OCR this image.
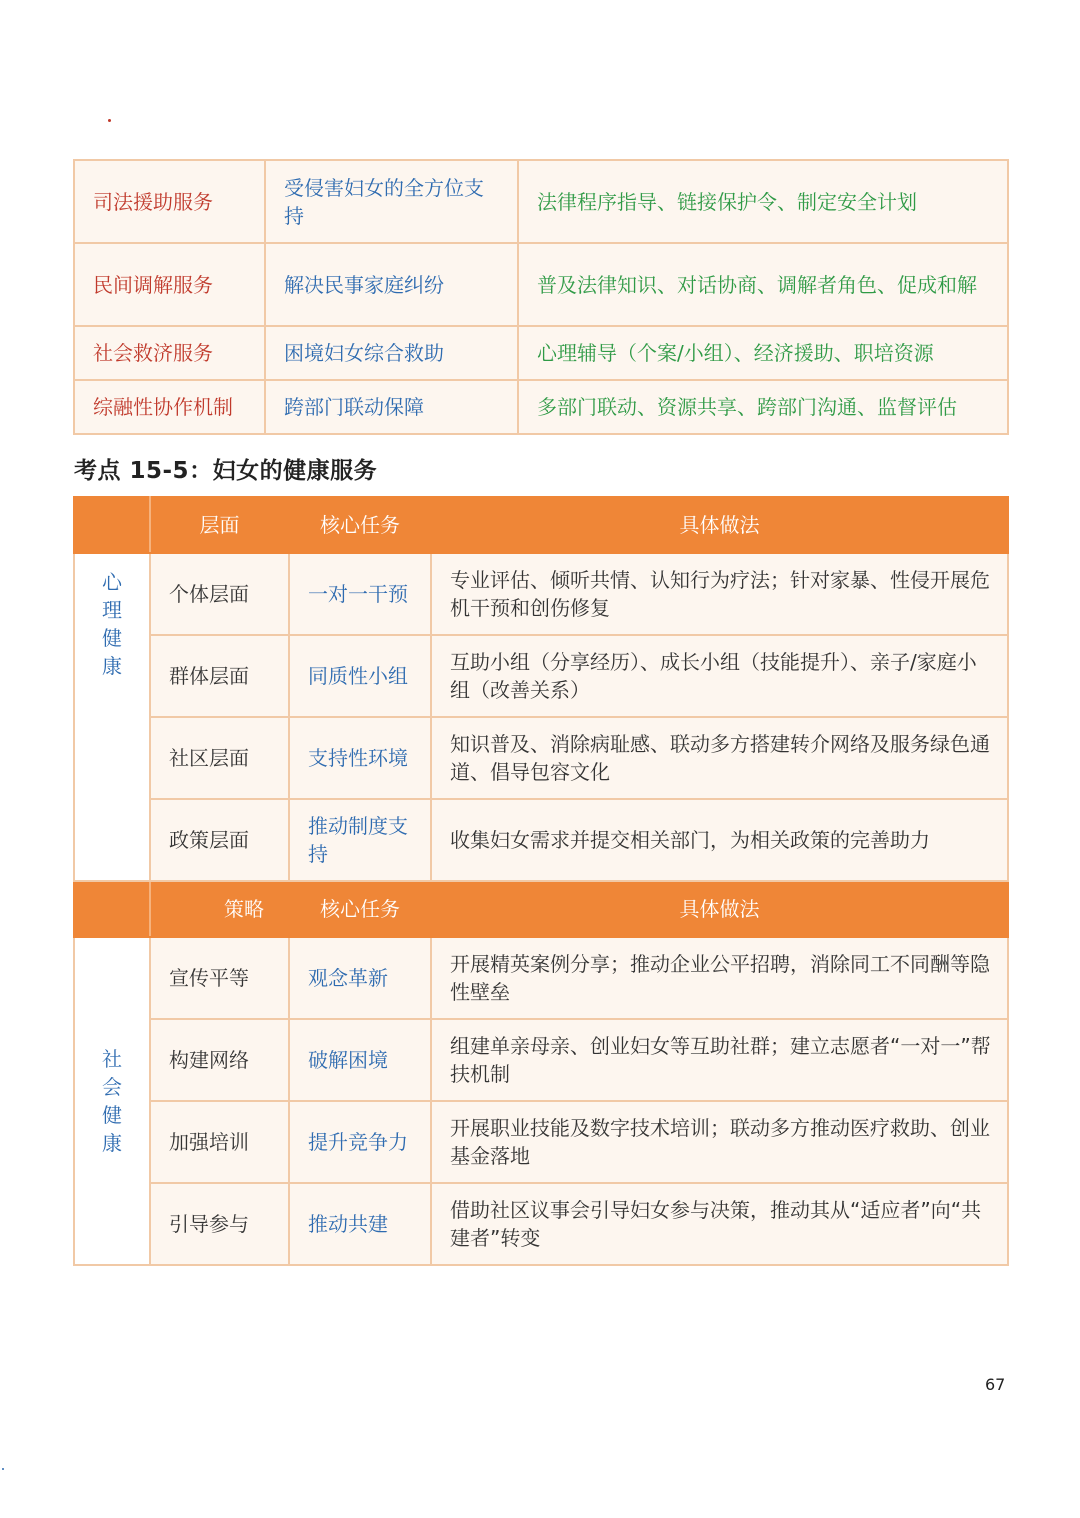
司法援助服务	受侵害妇女的全方位支持	法律程序指导、链接保护令、制定安全计划
民间调解服务	解决民事家庭纠纷	普及法律知识、对话协商、调解者角色、促成和解
社会救济服务	困境妇女综合救助	心理辅导（个案/小组）、经济援助、职培资源
综融性协作机制	跨部门联动保障	多部门联动、资源共享、跨部门沟通、监督评估
考点 15-5：妇女的健康服务
	层面	核心任务	具体做法

心理健康	个体层面	一对一干预	专业评估、倾听共情、认知行为疗法；针对家暴、性侵开展危机干预和创伤修复
	群体层面	同质性小组	互助小组（分享经历）、成长小组（技能提升）、亲子/家庭小组（改善关系）
	社区层面	支持性环境	知识普及、消除病耻感、联动多方搭建转介网络及服务绿色通道、倡导包容文化
	政策层面	推动制度支持	收集妇女需求并提交相关部门，为相关政策的完善助力
	策略	核心任务	具体做法

社会健康	宣传平等	观念革新	开展精英案例分享；推动企业公平招聘，消除同工不同酬等隐性壁垒
	构建网络	破解困境	组建单亲母亲、创业妇女等互助社群；建立志愿者“一对一”帮扶机制
	加强培训	提升竞争力	开展职业技能及数字技术培训；联动多方推动医疗救助、创业基金落地
	引导参与	推动共建	借助社区议事会引导妇女参与决策，推动其从“适应者”向“共建者”转变
67
